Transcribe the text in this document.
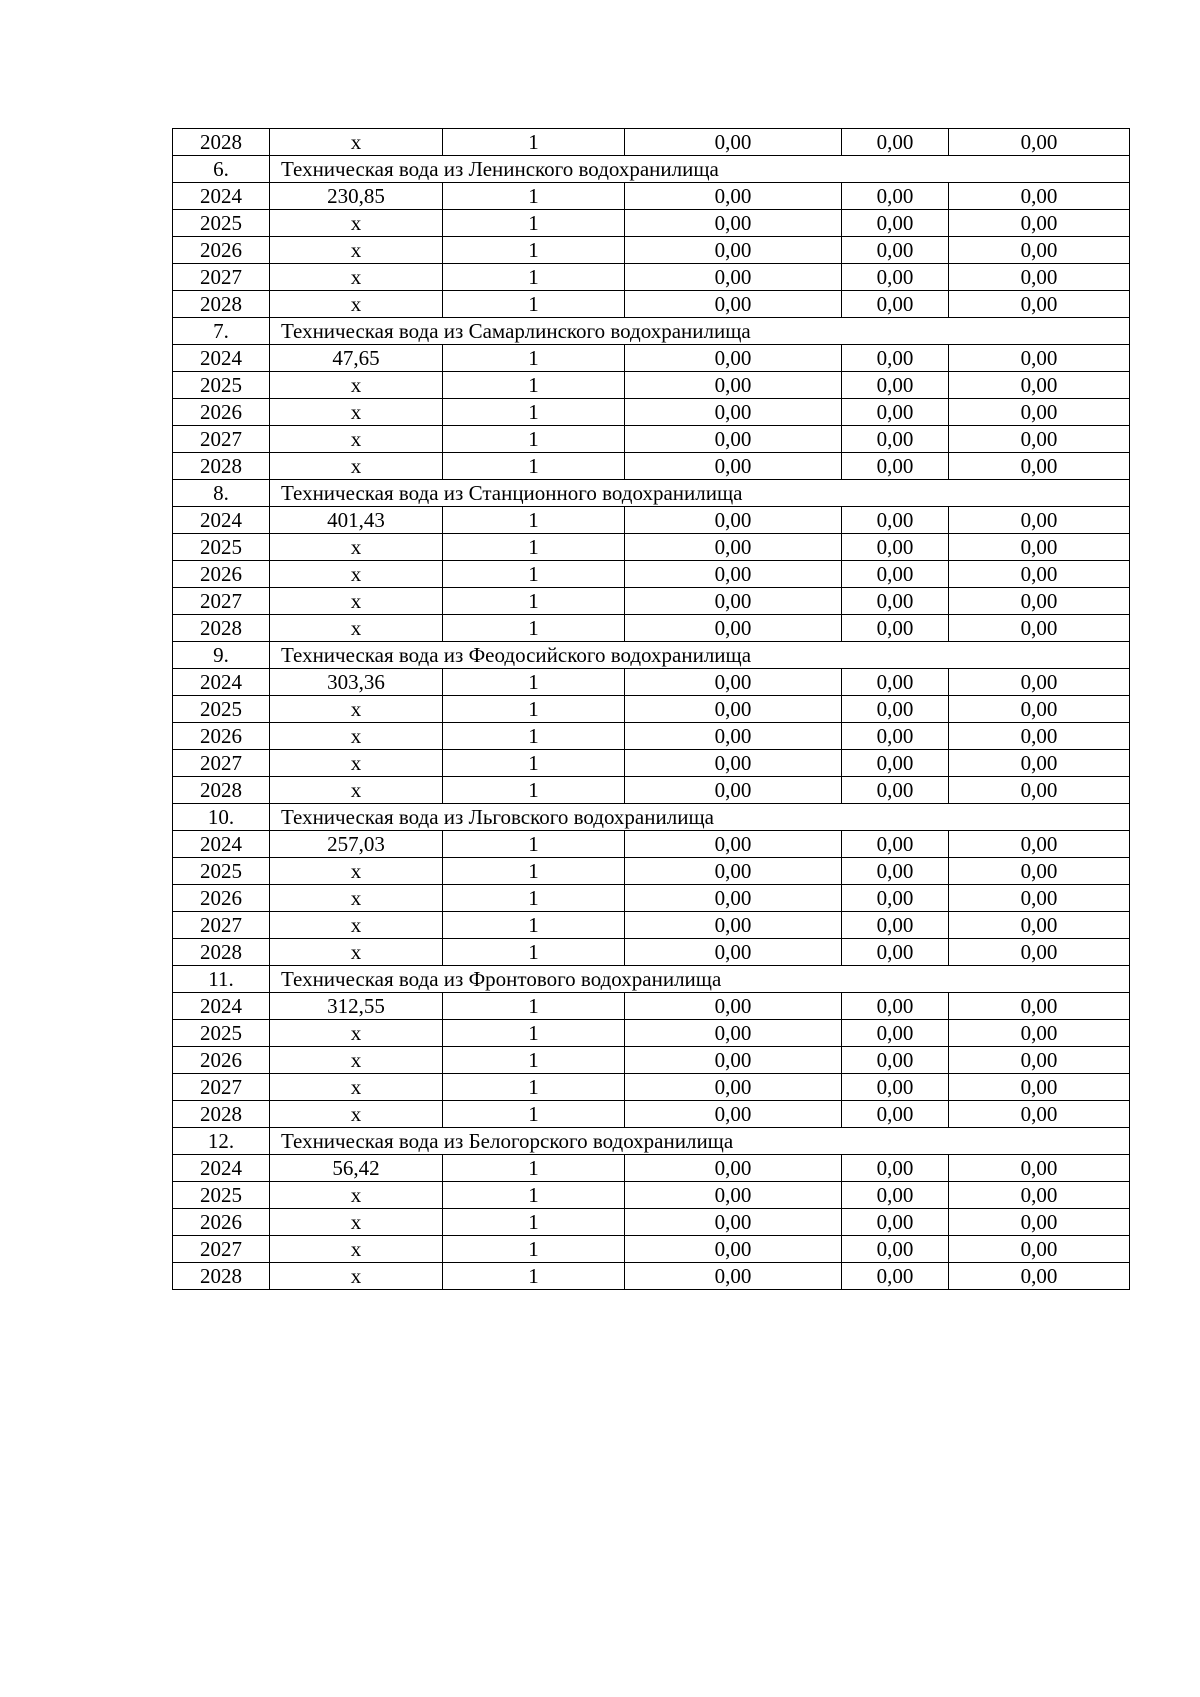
2028	х	1	0,00	0,00	0,00
6.	Техническая вода из Ленинского водохранилища				
2024	230,85	1	0,00	0,00	0,00
2025	х	1	0,00	0,00	0,00
2026	х	1	0,00	0,00	0,00
2027	х	1	0,00	0,00	0,00
2028	х	1	0,00	0,00	0,00
7.	Техническая вода из Самарлинского водохранилища				
2024	47,65	1	0,00	0,00	0,00
2025	х	1	0,00	0,00	0,00
2026	х	1	0,00	0,00	0,00
2027	х	1	0,00	0,00	0,00
2028	х	1	0,00	0,00	0,00
8.	Техническая вода из Станционного водохранилища				
2024	401,43	1	0,00	0,00	0,00
2025	х	1	0,00	0,00	0,00
2026	х	1	0,00	0,00	0,00
2027	х	1	0,00	0,00	0,00
2028	х	1	0,00	0,00	0,00
9.	Техническая вода из Феодосийского водохранилища				
2024	303,36	1	0,00	0,00	0,00
2025	х	1	0,00	0,00	0,00
2026	х	1	0,00	0,00	0,00
2027	х	1	0,00	0,00	0,00
2028	х	1	0,00	0,00	0,00
10.	Техническая вода из Льговского водохранилища				
2024	257,03	1	0,00	0,00	0,00
2025	х	1	0,00	0,00	0,00
2026	х	1	0,00	0,00	0,00
2027	х	1	0,00	0,00	0,00
2028	х	1	0,00	0,00	0,00
11.	Техническая вода из Фронтового водохранилища				
2024	312,55	1	0,00	0,00	0,00
2025	х	1	0,00	0,00	0,00
2026	х	1	0,00	0,00	0,00
2027	х	1	0,00	0,00	0,00
2028	х	1	0,00	0,00	0,00
12.	Техническая вода из Белогорского водохранилища				
2024	56,42	1	0,00	0,00	0,00
2025	х	1	0,00	0,00	0,00
2026	х	1	0,00	0,00	0,00
2027	х	1	0,00	0,00	0,00
2028	х	1	0,00	0,00	0,00
